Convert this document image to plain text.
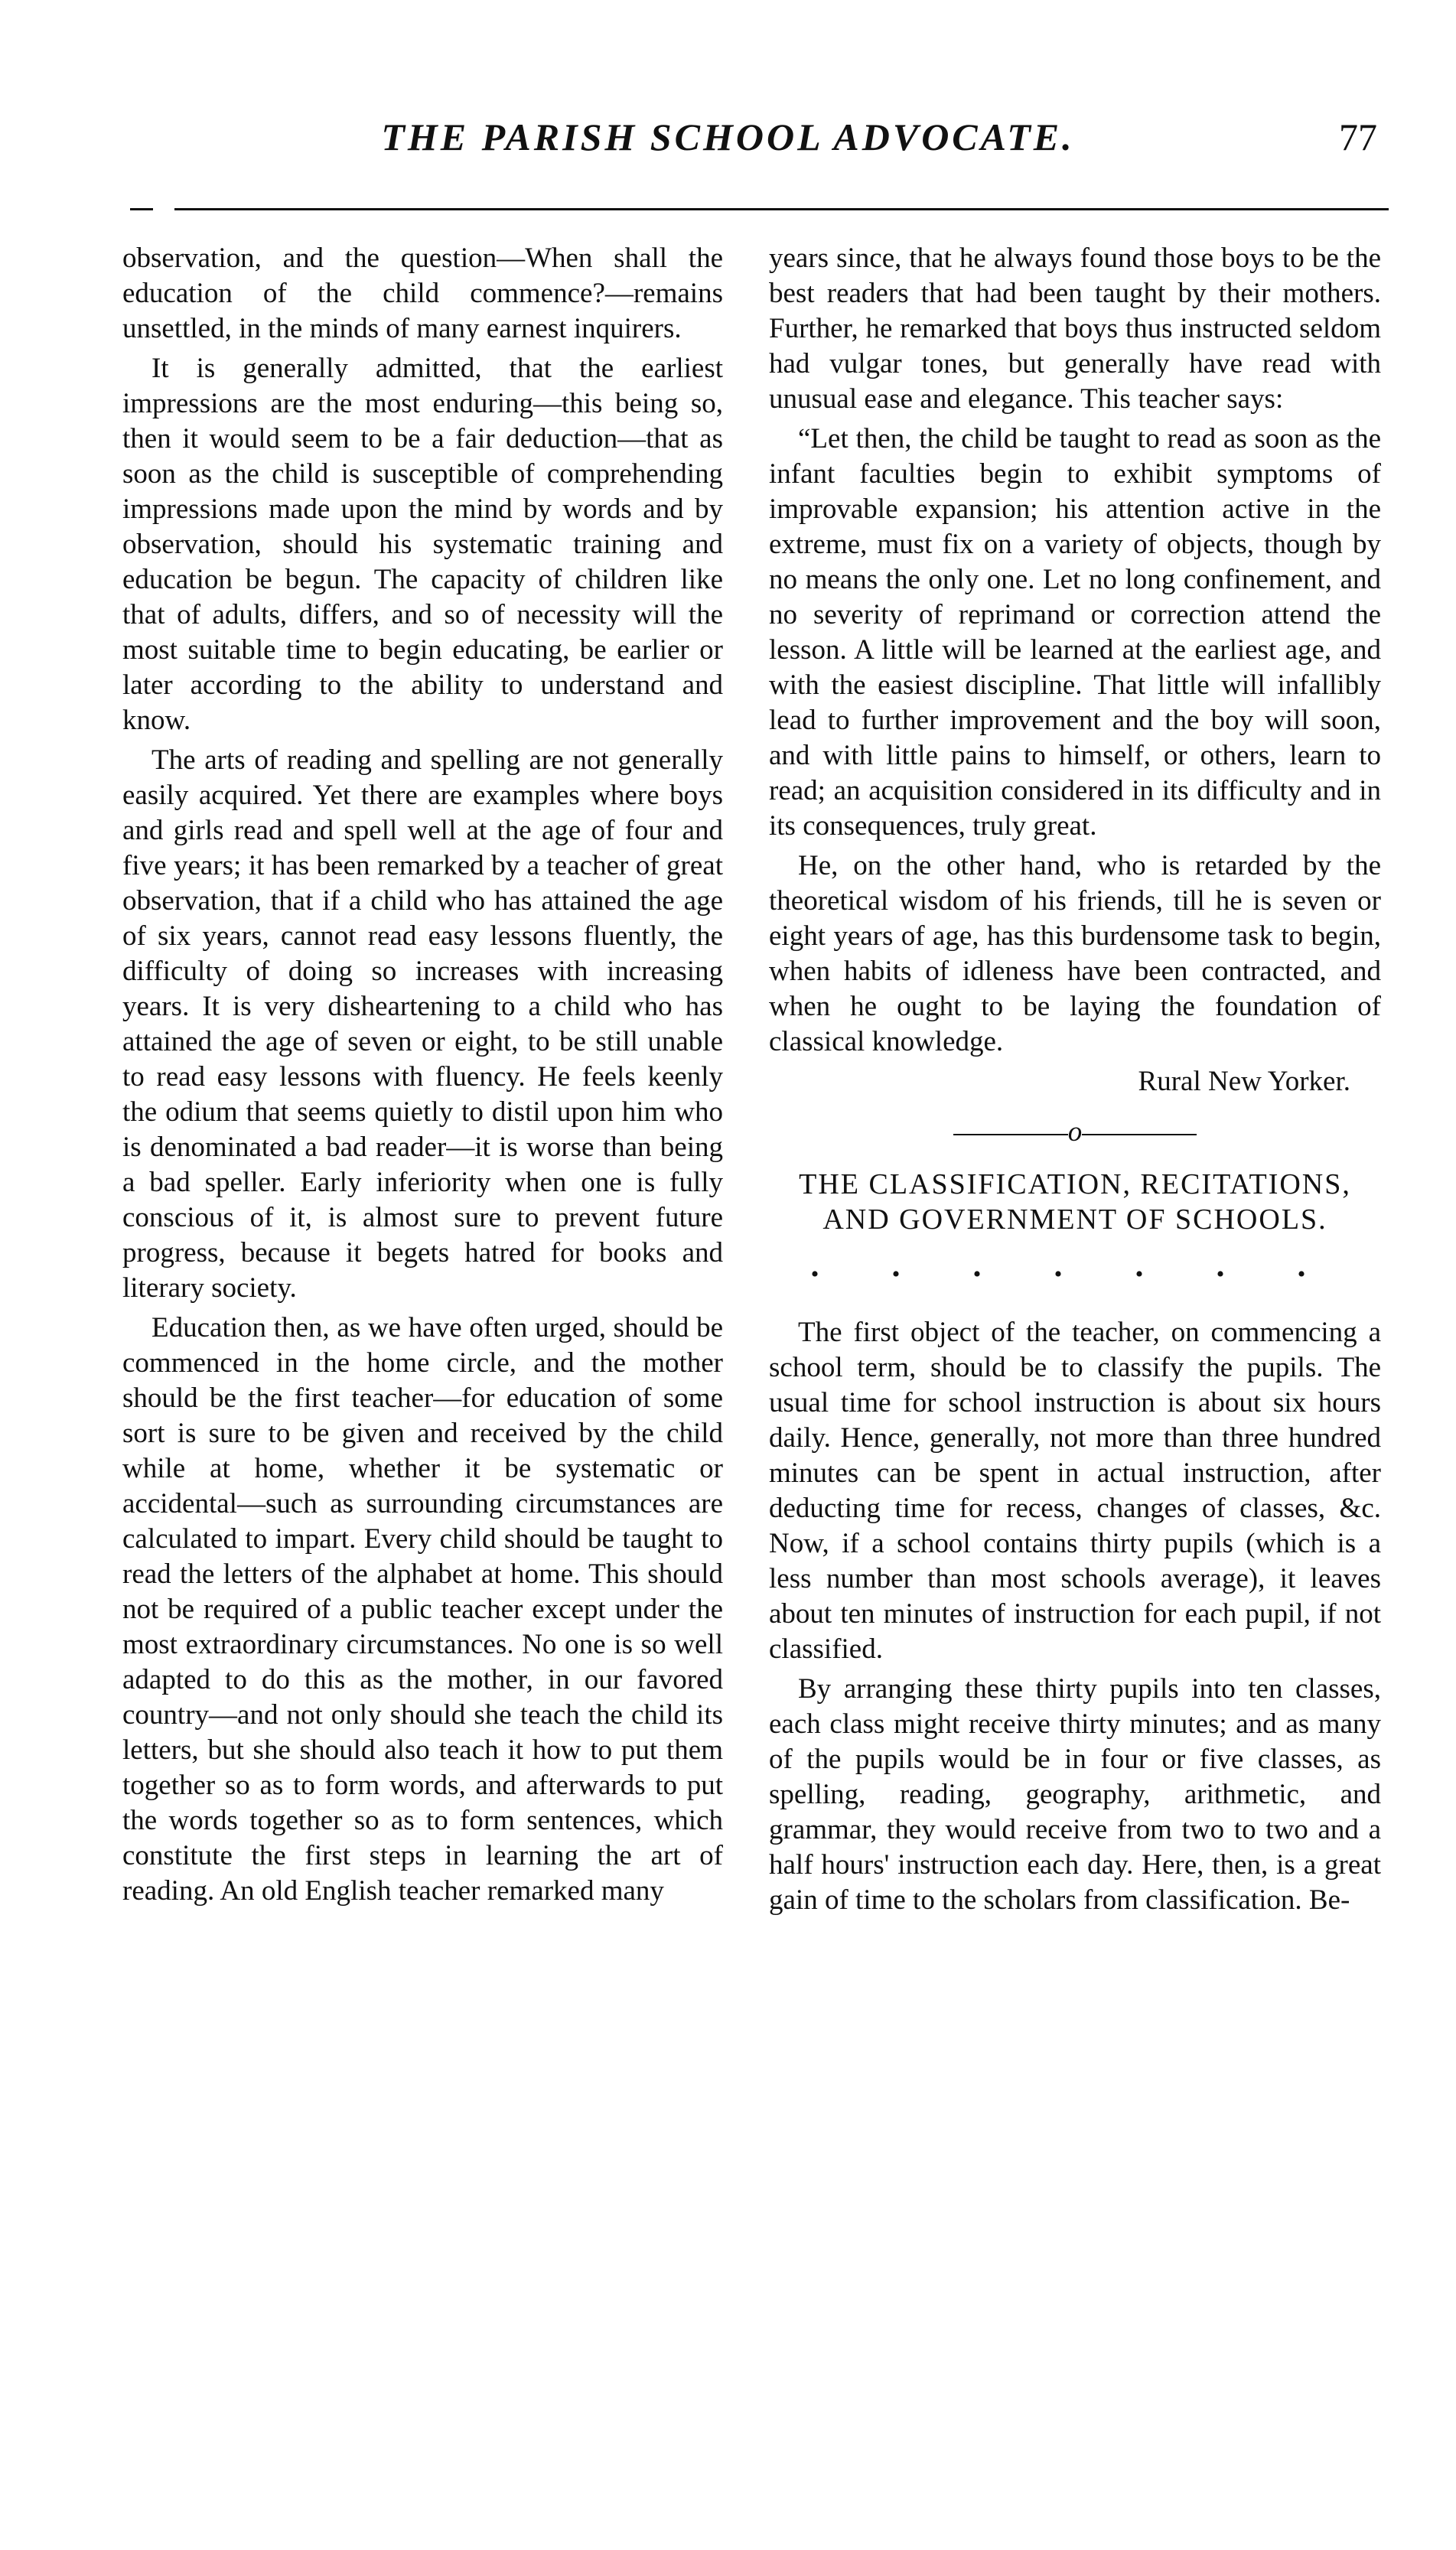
THE PARISH SCHOOL ADVOCATE.	77

observation, and the question—When shall the education of the child commence?—remains unsettled, in the minds of many earnest inquirers.

It is generally admitted, that the earliest impressions are the most enduring—this being so, then it would seem to be a fair deduction—that as soon as the child is susceptible of comprehending impressions made upon the mind by words and by observation, should his systematic training and education be begun. The capacity of children like that of adults, differs, and so of necessity will the most suitable time to begin educating, be earlier or later according to the ability to understand and know.

The arts of reading and spelling are not generally easily acquired. Yet there are examples where boys and girls read and spell well at the age of four and five years; it has been remarked by a teacher of great observation, that if a child who has attained the age of six years, cannot read easy lessons fluently, the difficulty of doing so increases with increasing years. It is very disheartening to a child who has attained the age of seven or eight, to be still unable to read easy lessons with fluency. He feels keenly the odium that seems quietly to distil upon him who is denominated a bad reader—it is worse than being a bad speller. Early inferiority when one is fully conscious of it, is almost sure to prevent future progress, because it begets hatred for books and literary society.

Education then, as we have often urged, should be commenced in the home circle, and the mother should be the first teacher—for education of some sort is sure to be given and received by the child while at home, whether it be systematic or accidental—such as surrounding circumstances are calculated to impart. Every child should be taught to read the letters of the alphabet at home. This should not be required of a public teacher except under the most extraordinary circumstances. No one is so well adapted to do this as the mother, in our favored country—and not only should she teach the child its letters, but she should also teach it how to put them together so as to form words, and afterwards to put the words together so as to form sentences, which constitute the first steps in learning the art of reading. An old English teacher remarked many

years since, that he always found those boys to be the best readers that had been taught by their mothers. Further, he remarked that boys thus instructed seldom had vulgar tones, but generally have read with unusual ease and elegance. This teacher says:

“Let then, the child be taught to read as soon as the infant faculties begin to exhibit symptoms of improvable expansion; his attention active in the extreme, must fix on a variety of objects, though by no means the only one. Let no long confinement, and no severity of reprimand or correction attend the lesson. A little will be learned at the earliest age, and with the easiest discipline. That little will infallibly lead to further improvement and the boy will soon, and with little pains to himself, or others, learn to read; an acquisition considered in its difficulty and in its consequences, truly great.

He, on the other hand, who is retarded by the theoretical wisdom of his friends, till he is seven or eight years of age, has this burdensome task to begin, when habits of idleness have been contracted, and when he ought to be laying the foundation of classical knowledge.

Rural New Yorker.
o
THE CLASSIFICATION, RECITATIONS, AND GOVERNMENT OF SCHOOLS.
• • • • • • •

The first object of the teacher, on commencing a school term, should be to classify the pupils. The usual time for school instruction is about six hours daily. Hence, generally, not more than three hundred minutes can be spent in actual instruction, after deducting time for recess, changes of classes, &c. Now, if a school contains thirty pupils (which is a less number than most schools average), it leaves about ten minutes of instruction for each pupil, if not classified.

By arranging these thirty pupils into ten classes, each class might receive thirty minutes; and as many of the pupils would be in four or five classes, as spelling, reading, geography, arithmetic, and grammar, they would receive from two to two and a half hours' instruction each day. Here, then, is a great gain of time to the scholars from classification. Be-
